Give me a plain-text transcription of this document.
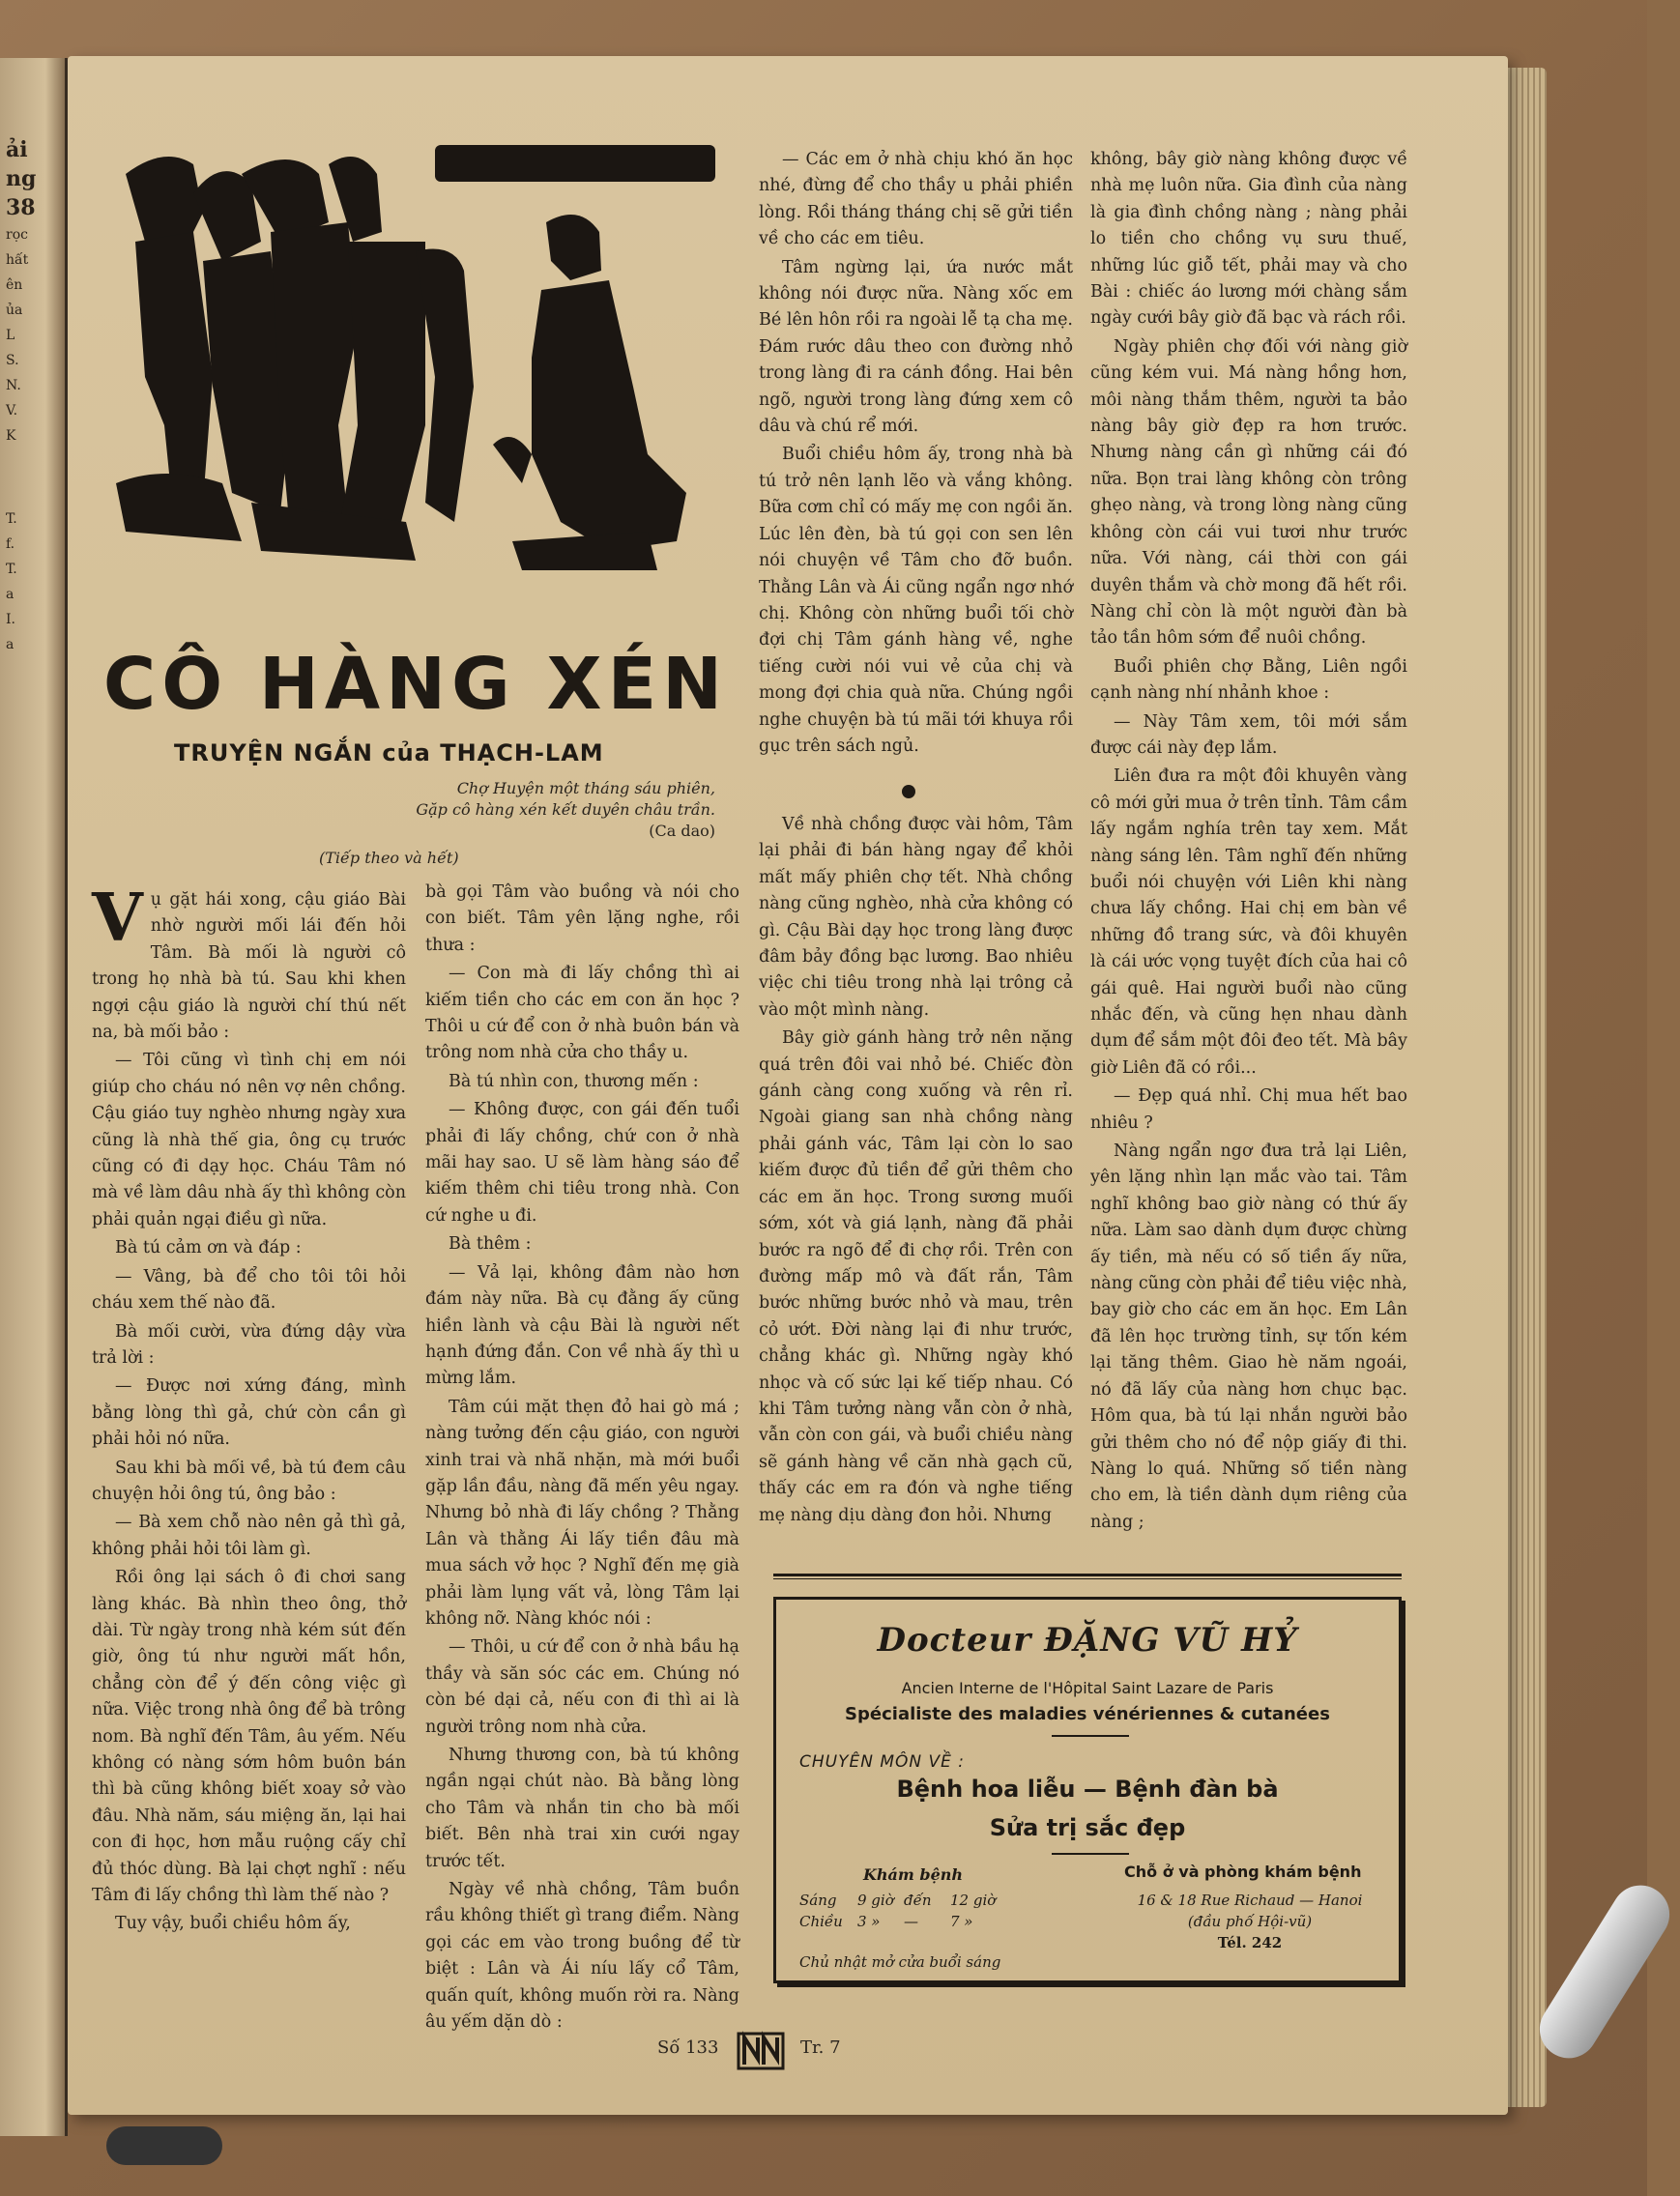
ải
ng
38
rọc
hất
ên
ủa
L
S.
N.
V.
K
T.
f.
T.
a
I.
a	CÔ HÀNG XÉN
TRUYỆN NGẮN của THẠCH-LAM
Chợ Huyện một tháng sáu phiên,
Gặp cô hàng xén kết duyên châu trần.
(Ca dao)
(Tiếp theo và hết)

Vụ gặt hái xong, cậu giáo Bài nhờ người mối lái đến hỏi Tâm. Bà mối là người cô trong họ nhà bà tú. Sau khi khen ngợi cậu giáo là người chí thú nết na, bà mối bảo :

— Tôi cũng vì tình chị em nói giúp cho cháu nó nên vợ nên chồng. Cậu giáo tuy nghèo nhưng ngày xưa cũng là nhà thế gia, ông cụ trước cũng có đi dạy học. Cháu Tâm nó mà về làm dâu nhà ấy thì không còn phải quản ngại điều gì nữa.

Bà tú cảm ơn và đáp :

— Vâng, bà để cho tôi tôi hỏi cháu xem thế nào đã.

Bà mối cười, vừa đứng dậy vừa trả lời :

— Được nơi xứng đáng, mình bằng lòng thì gả, chứ còn cần gì phải hỏi nó nữa.

Sau khi bà mối về, bà tú đem câu chuyện hỏi ông tú, ông bảo :

— Bà xem chỗ nào nên gả thì gả, không phải hỏi tôi làm gì.

Rồi ông lại sách ô đi chơi sang làng khác. Bà nhìn theo ông, thở dài. Từ ngày trong nhà kém sút đến giờ, ông tú như người mất hồn, chẳng còn để ý đến công việc gì nữa. Việc trong nhà ông để bà trông nom. Bà nghĩ đến Tâm, âu yếm. Nếu không có nàng sớm hôm buôn bán thì bà cũng không biết xoay sở vào đâu. Nhà năm, sáu miệng ăn, lại hai con đi học, hơn mẫu ruộng cấy chỉ đủ thóc dùng. Bà lại chợt nghĩ : nếu Tâm đi lấy chồng thì làm thế nào ?

Tuy vậy, buổi chiều hôm ấy,

bà gọi Tâm vào buồng và nói cho con biết. Tâm yên lặng nghe, rồi thưa :

— Con mà đi lấy chồng thì ai kiếm tiền cho các em con ăn học ? Thôi u cứ để con ở nhà buôn bán và trông nom nhà cửa cho thầy u.

Bà tú nhìn con, thương mến :

— Không được, con gái đến tuổi phải đi lấy chồng, chứ con ở nhà mãi hay sao. U sẽ làm hàng sáo để kiếm thêm chi tiêu trong nhà. Con cứ nghe u đi.

Bà thêm :

— Vả lại, không đâm nào hơn đám này nữa. Bà cụ đằng ấy cũng hiền lành và cậu Bài là người nết hạnh đứng đắn. Con về nhà ấy thì u mừng lắm.

Tâm cúi mặt thẹn đỏ hai gò má ; nàng tưởng đến cậu giáo, con người xinh trai và nhã nhặn, mà mới buổi gặp lần đầu, nàng đã mến yêu ngay. Nhưng bỏ nhà đi lấy chồng ? Thằng Lân và thằng Ái lấy tiền đâu mà mua sách vở học ? Nghĩ đến mẹ già phải làm lụng vất vả, lòng Tâm lại không nỡ. Nàng khóc nói :

— Thôi, u cứ để con ở nhà bầu hạ thầy và săn sóc các em. Chúng nó còn bé dại cả, nếu con đi thì ai là người trông nom nhà cửa.

Nhưng thương con, bà tú không ngần ngại chút nào. Bà bằng lòng cho Tâm và nhắn tin cho bà mối biết. Bên nhà trai xin cưới ngay trước tết.

Ngày về nhà chồng, Tâm buồn rầu không thiết gì trang điểm. Nàng gọi các em vào trong buồng để từ biệt : Lân và Ái níu lấy cổ Tâm, quấn quít, không muốn rời ra. Nàng âu yếm dặn dò :

— Các em ở nhà chịu khó ăn học nhé, đừng để cho thầy u phải phiền lòng. Rồi tháng tháng chị sẽ gửi tiền về cho các em tiêu.

Tâm ngừng lại, ứa nước mắt không nói được nữa. Nàng xốc em Bé lên hôn rồi ra ngoài lễ tạ cha mẹ. Đám rước dâu theo con đường nhỏ trong làng đi ra cánh đồng. Hai bên ngõ, người trong làng đứng xem cô dâu và chú rể mới.

Buổi chiều hôm ấy, trong nhà bà tú trở nên lạnh lẽo và vắng không. Bữa cơm chỉ có mấy mẹ con ngồi ăn. Lúc lên đèn, bà tú gọi con sen lên nói chuyện về Tâm cho đỡ buồn. Thằng Lân và Ái cũng ngẩn ngơ nhớ chị. Không còn những buổi tối chờ đợi chị Tâm gánh hàng về, nghe tiếng cười nói vui vẻ của chị và mong đợi chia quà nữa. Chúng ngồi nghe chuyện bà tú mãi tới khuya rồi gục trên sách ngủ.

Về nhà chồng được vài hôm, Tâm lại phải đi bán hàng ngay để khỏi mất mấy phiên chợ tết. Nhà chồng nàng cũng nghèo, nhà cửa không có gì. Cậu Bài dạy học trong làng được đâm bảy đồng bạc lương. Bao nhiêu việc chi tiêu trong nhà lại trông cả vào một mình nàng.

Bây giờ gánh hàng trở nên nặng quá trên đôi vai nhỏ bé. Chiếc đòn gánh càng cong xuống và rên rỉ. Ngoài giang san nhà chồng nàng phải gánh vác, Tâm lại còn lo sao kiếm được đủ tiền để gửi thêm cho các em ăn học. Trong sương muối sớm, xót và giá lạnh, nàng đã phải bước ra ngõ để đi chợ rồi. Trên con đường mấp mô và đất rắn, Tâm bước những bước nhỏ và mau, trên cỏ ướt. Đời nàng lại đi như trước, chẳng khác gì. Những ngày khó nhọc và cố sức lại kế tiếp nhau. Có khi Tâm tưởng nàng vẫn còn ở nhà, vẫn còn con gái, và buổi chiều nàng sẽ gánh hàng về căn nhà gạch cũ, thấy các em ra đón và nghe tiếng mẹ nàng dịu dàng đon hỏi. Nhưng

không, bây giờ nàng không được về nhà mẹ luôn nữa. Gia đình của nàng là gia đình chồng nàng ; nàng phải lo tiền cho chồng vụ sưu thuế, những lúc giỗ tết, phải may và cho Bài : chiếc áo lương mới chàng sắm ngày cưới bây giờ đã bạc và rách rồi.

Ngày phiên chợ đối với nàng giờ cũng kém vui. Má nàng hồng hơn, môi nàng thắm thêm, người ta bảo nàng bây giờ đẹp ra hơn trước. Nhưng nàng cần gì những cái đó nữa. Bọn trai làng không còn trông ghẹo nàng, và trong lòng nàng cũng không còn cái vui tươi như trước nữa. Với nàng, cái thời con gái duyên thắm và chờ mong đã hết rồi. Nàng chỉ còn là một người đàn bà tảo tần hôm sớm để nuôi chồng.

Buổi phiên chợ Bằng, Liên ngồi cạnh nàng nhí nhảnh khoe :

— Này Tâm xem, tôi mới sắm được cái này đẹp lắm.

Liên đưa ra một đôi khuyên vàng cô mới gửi mua ở trên tỉnh. Tâm cầm lấy ngắm nghía trên tay xem. Mắt nàng sáng lên. Tâm nghĩ đến những buổi nói chuyện với Liên khi nàng chưa lấy chồng. Hai chị em bàn về những đồ trang sức, và đôi khuyên là cái ước vọng tuyệt đích của hai cô gái quê. Hai người buổi nào cũng nhắc đến, và cũng hẹn nhau dành dụm để sắm một đôi đeo tết. Mà bây giờ Liên đã có rồi...

— Đẹp quá nhỉ. Chị mua hết bao nhiêu ?

Nàng ngẩn ngơ đưa trả lại Liên, yên lặng nhìn lạn mắc vào tai. Tâm nghĩ không bao giờ nàng có thứ ấy nữa. Làm sao dành dụm được chừng ấy tiền, mà nếu có số tiền ấy nữa, nàng cũng còn phải để tiêu việc nhà, bay giờ cho các em ăn học. Em Lân đã lên học trường tỉnh, sự tốn kém lại tăng thêm. Giao hè năm ngoái, nó đã lấy của nàng hơn chục bạc. Hôm qua, bà tú lại nhắn người bảo gửi thêm cho nó để nộp giấy đi thi. Nàng lo quá. Những số tiền nàng cho em, là tiền dành dụm riêng của nàng ;

Docteur ĐẶNG VŨ HỶ
Ancien Interne de l'Hôpital Saint Lazare de Paris
Spécialiste des maladies vénériennes & cutanées
CHUYÊN MÔN VỀ :
Bệnh hoa liễu — Bệnh đàn bà
Sửa trị sắc đẹp
Khám bệnh	Chỗ ở và phòng khám bệnh
Sáng 9 giờ đến 12 giờ
Chiều 3 » — 7 »
16 & 18 Rue Richaud — Hanoi
(đầu phố Hội-vũ)
Tél. 242
Chủ nhật mở cửa buổi sáng
Số 133	Tr. 7
